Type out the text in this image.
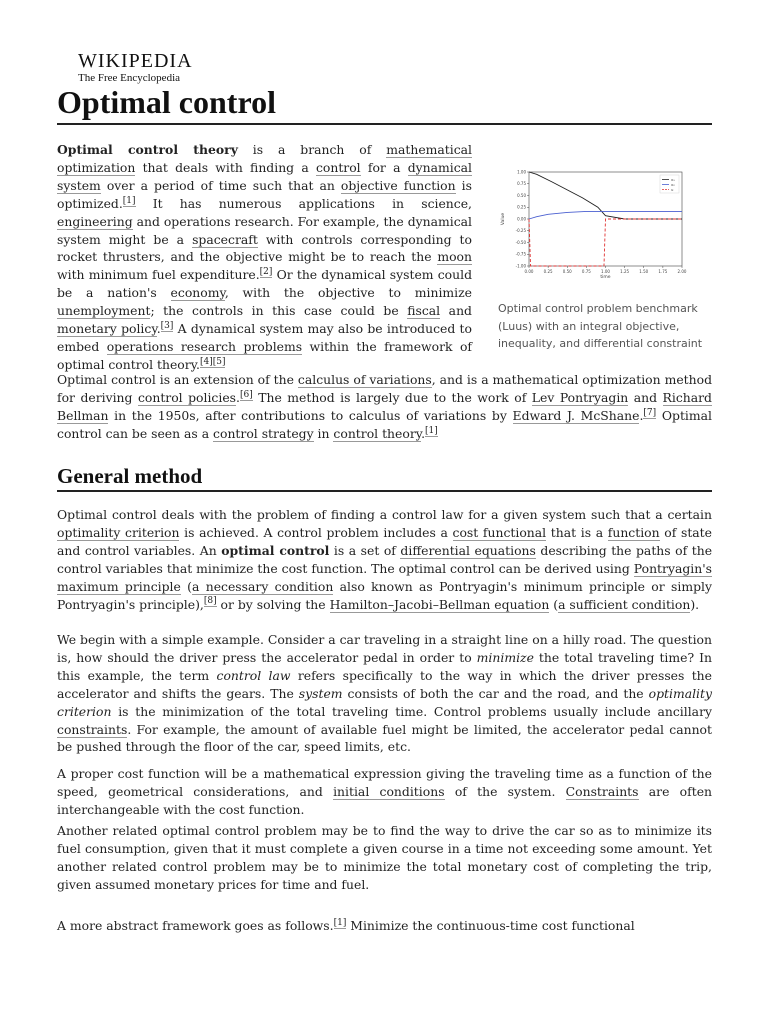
WIKIPEDIA
The Free Encyclopedia
Optimal control

Optimal control theory is a branch of mathematical optimization that deals with finding a control for a dynamical system over a period of time such that an objective function is optimized.[1] It has numerous applications in science, engineering and operations research. For example, the dynamical system might be a spacecraft with controls corresponding to rocket thrusters, and the objective might be to reach the moon with minimum fuel expenditure.[2] Or the dynamical system could be a nation's economy, with the objective to minimize unemployment; the controls in this case could be fiscal and monetary policy.[3] A dynamical system may also be introduced to embed operations research problems within the framework of optimal control theory.[4][5]

0.00	0.25	0.50	0.75	1.00	1.25	1.50	1.75	2.00
1.00
0.75
0.50
0.25
0.00
-0.25
-0.50
-0.75
-1.00
time
Value
x₁
x₂
u
Optimal control problem benchmark (Luus) with an integral objective, inequality, and differential constraint

Optimal control is an extension of the calculus of variations, and is a mathematical optimization method for deriving control policies.[6] The method is largely due to the work of Lev Pontryagin and Richard Bellman in the 1950s, after contributions to calculus of variations by Edward J. McShane.[7] Optimal control can be seen as a control strategy in control theory.[1]

General method

Optimal control deals with the problem of finding a control law for a given system such that a certain optimality criterion is achieved. A control problem includes a cost functional that is a function of state and control variables. An optimal control is a set of differential equations describing the paths of the control variables that minimize the cost function. The optimal control can be derived using Pontryagin's maximum principle (a necessary condition also known as Pontryagin's minimum principle or simply Pontryagin's principle),[8] or by solving the Hamilton–Jacobi–Bellman equation (a sufficient condition).

We begin with a simple example. Consider a car traveling in a straight line on a hilly road. The question is, how should the driver press the accelerator pedal in order to minimize the total traveling time? In this example, the term control law refers specifically to the way in which the driver presses the accelerator and shifts the gears. The system consists of both the car and the road, and the optimality criterion is the minimization of the total traveling time. Control problems usually include ancillary constraints. For example, the amount of available fuel might be limited, the accelerator pedal cannot be pushed through the floor of the car, speed limits, etc.

A proper cost function will be a mathematical expression giving the traveling time as a function of the speed, geometrical considerations, and initial conditions of the system. Constraints are often interchangeable with the cost function.

Another related optimal control problem may be to find the way to drive the car so as to minimize its fuel consumption, given that it must complete a given course in a time not exceeding some amount. Yet another related control problem may be to minimize the total monetary cost of completing the trip, given assumed monetary prices for time and fuel.

A more abstract framework goes as follows.[1] Minimize the continuous-time cost functional
